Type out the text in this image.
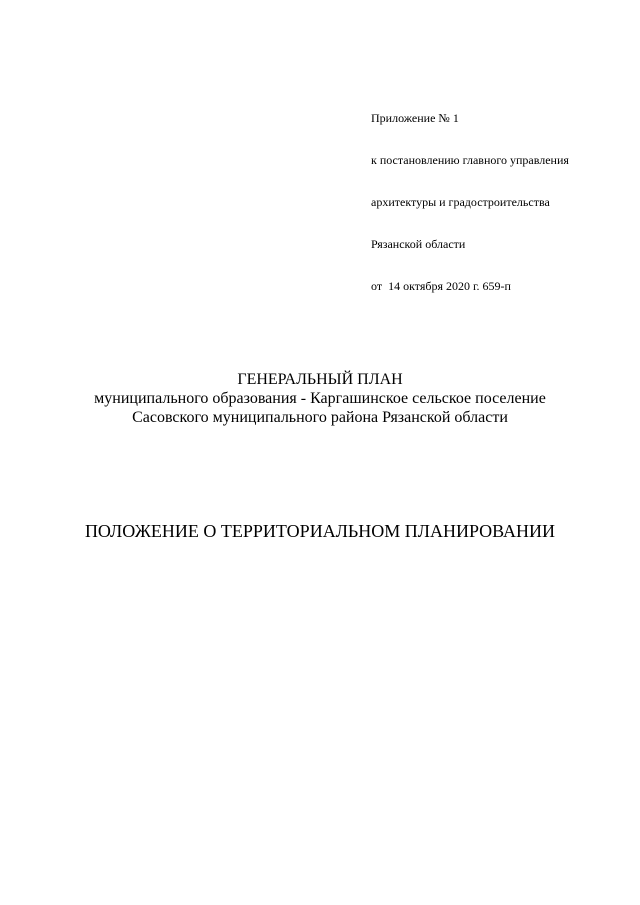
Приложение № 1

к постановлению главного управления

архитектуры и градостроительства

Рязанской области

от  14 октября 2020 г. 659-п

ГЕНЕРАЛЬНЫЙ ПЛАН
муниципального образования - Каргашинское сельское поселение
Сасовского муниципального района Рязанской области
ПОЛОЖЕНИЕ О ТЕРРИТОРИАЛЬНОМ ПЛАНИРОВАНИИ
